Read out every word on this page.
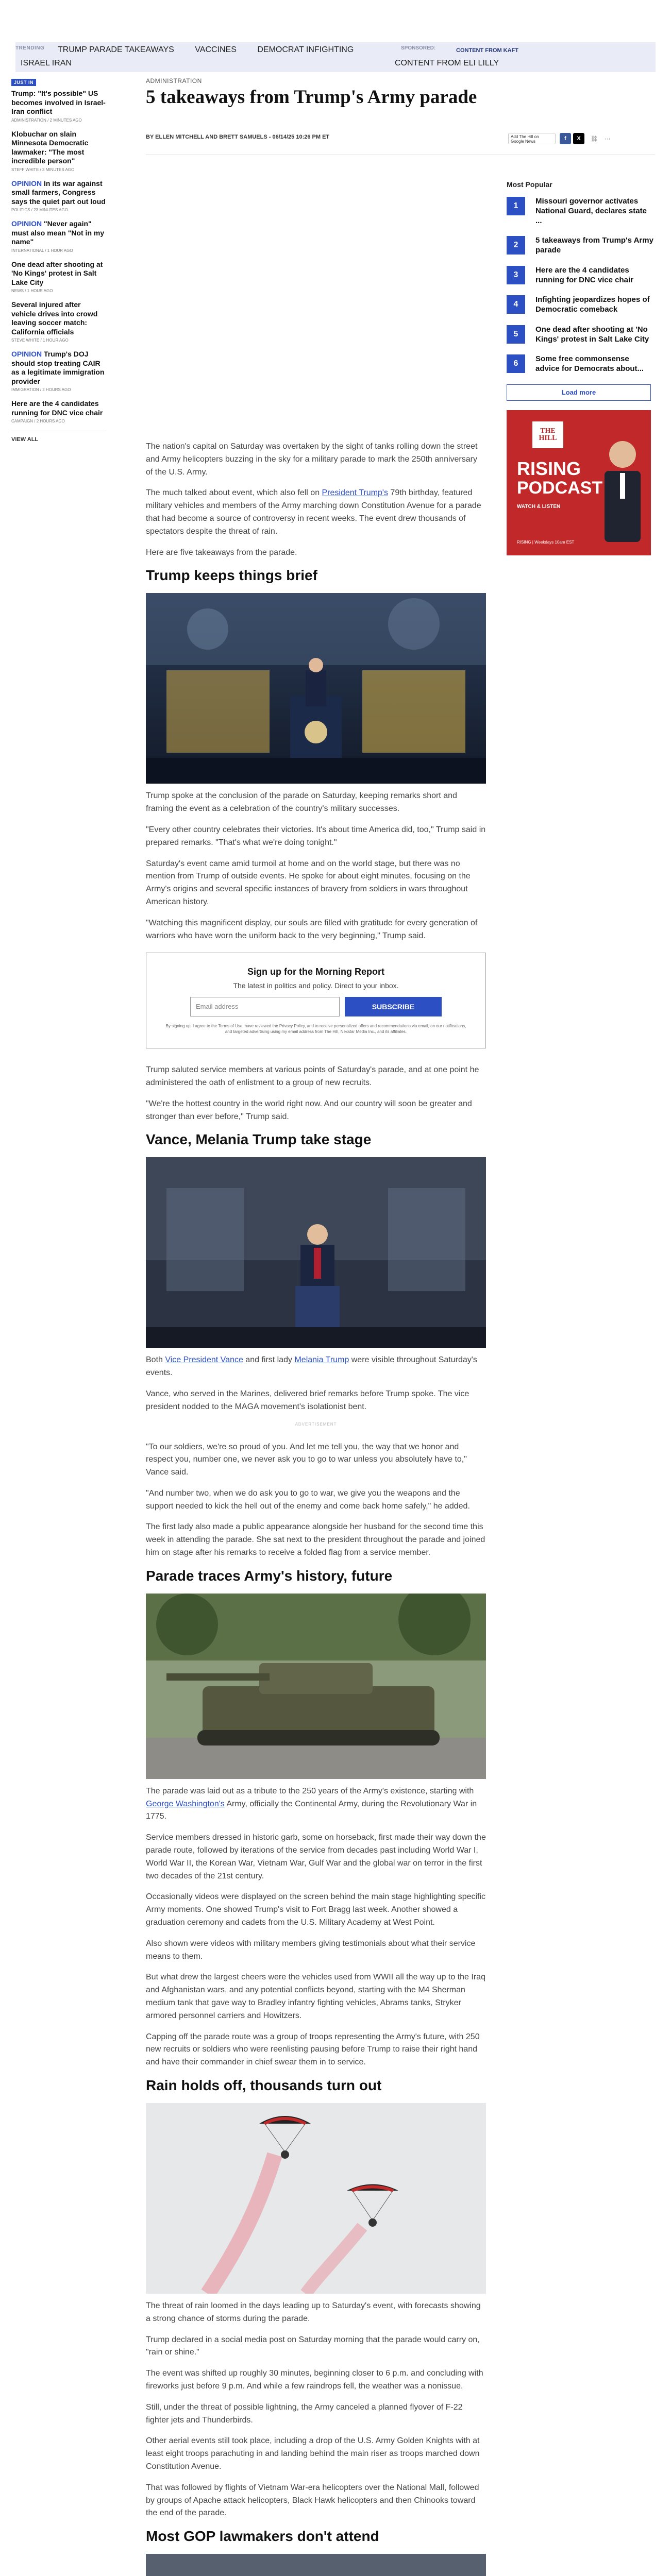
TRENDING TRUMP PARADE TAKEAWAYS	VACCINES	DEMOCRAT INFIGHTING
ISRAEL IRAN
SPONSORED:	CONTENT FROM KAFT
CONTENT FROM ELI LILLY
JUST IN
Trump: "It's possible" US becomes involved in Israel-Iran conflict
ADMINISTRATION / 2 MINUTES AGO
Klobuchar on slain Minnesota Democratic lawmaker: "The most incredible person"
STEFF WHITE / 3 MINUTES AGO
OPINION In its war against small farmers, Congress says the quiet part out loud
POLITICS / 23 MINUTES AGO
OPINION "Never again" must also mean "Not in my name"
INTERNATIONAL / 1 HOUR AGO
One dead after shooting at 'No Kings' protest in Salt Lake City
NEWS / 1 HOUR AGO
Several injured after vehicle drives into crowd leaving soccer match: California officials
STEVE WHITE / 1 HOUR AGO
OPINION Trump's DOJ should stop treating CAIR as a legitimate immigration provider
IMMIGRATION / 2 HOURS AGO
Here are the 4 candidates running for DNC vice chair
CAMPAIGN / 2 HOURS AGO
VIEW ALL
ADMINISTRATION
5 takeaways from Trump's Army parade
BY ELLEN MITCHELL AND BRETT SAMUELS - 06/14/25 10:26 PM ET	Add The Hill on Google News	f	X	⛓	⋯

The nation's capital on Saturday was overtaken by the sight of tanks rolling down the street and Army helicopters buzzing in the sky for a military parade to mark the 250th anniversary of the U.S. Army.

The much talked about event, which also fell on President Trump's 79th birthday, featured military vehicles and members of the Army marching down Constitution Avenue for a parade that had become a source of controversy in recent weeks. The event drew thousands of spectators despite the threat of rain.

Here are five takeaways from the parade.

Trump keeps things brief

Trump spoke at the conclusion of the parade on Saturday, keeping remarks short and framing the event as a celebration of the country's military successes.

"Every other country celebrates their victories. It's about time America did, too," Trump said in prepared remarks. "That's what we're doing tonight."

Saturday's event came amid turmoil at home and on the world stage, but there was no mention from Trump of outside events. He spoke for about eight minutes, focusing on the Army's origins and several specific instances of bravery from soldiers in wars throughout American history.

"Watching this magnificent display, our souls are filled with gratitude for every generation of warriors who have worn the uniform back to the very beginning," Trump said.

Sign up for the Morning Report
The latest in politics and policy. Direct to your inbox.
Email address	SUBSCRIBE
By signing up, I agree to the Terms of Use, have reviewed the Privacy Policy, and to receive personalized offers and recommendations via email, on our notifications, and targeted advertising using my email address from The Hill, Nexstar Media Inc., and its affiliates.

Trump saluted service members at various points of Saturday's parade, and at one point he administered the oath of enlistment to a group of new recruits.

"We're the hottest country in the world right now. And our country will soon be greater and stronger than ever before," Trump said.

Vance, Melania Trump take stage

Both Vice President Vance and first lady Melania Trump were visible throughout Saturday's events.

Vance, who served in the Marines, delivered brief remarks before Trump spoke. The vice president nodded to the MAGA movement's isolationist bent.

ADVERTISEMENT

"To our soldiers, we're so proud of you. And let me tell you, the way that we honor and respect you, number one, we never ask you to go to war unless you absolutely have to," Vance said.

"And number two, when we do ask you to go to war, we give you the weapons and the support needed to kick the hell out of the enemy and come back home safely," he added.

The first lady also made a public appearance alongside her husband for the second time this week in attending the parade. She sat next to the president throughout the parade and joined him on stage after his remarks to receive a folded flag from a service member.

Parade traces Army's history, future

The parade was laid out as a tribute to the 250 years of the Army's existence, starting with George Washington's Army, officially the Continental Army, during the Revolutionary War in 1775.

Service members dressed in historic garb, some on horseback, first made their way down the parade route, followed by iterations of the service from decades past including World War I, World War II, the Korean War, Vietnam War, Gulf War and the global war on terror in the first two decades of the 21st century.

Occasionally videos were displayed on the screen behind the main stage highlighting specific Army moments. One showed Trump's visit to Fort Bragg last week. Another showed a graduation ceremony and cadets from the U.S. Military Academy at West Point.

Also shown were videos with military members giving testimonials about what their service means to them.

But what drew the largest cheers were the vehicles used from WWII all the way up to the Iraq and Afghanistan wars, and any potential conflicts beyond, starting with the M4 Sherman medium tank that gave way to Bradley infantry fighting vehicles, Abrams tanks, Stryker armored personnel carriers and Howitzers.

Capping off the parade route was a group of troops representing the Army's future, with 250 new recruits or soldiers who were reenlisting pausing before Trump to raise their right hand and have their commander in chief swear them in to service.

Rain holds off, thousands turn out

The threat of rain loomed in the days leading up to Saturday's event, with forecasts showing a strong chance of storms during the parade.

Trump declared in a social media post on Saturday morning that the parade would carry on, "rain or shine."

The event was shifted up roughly 30 minutes, beginning closer to 6 p.m. and concluding with fireworks just before 9 p.m. And while a few raindrops fell, the weather was a nonissue.

Still, under the threat of possible lightning, the Army canceled a planned flyover of F-22 fighter jets and Thunderbirds.

Other aerial events still took place, including a drop of the U.S. Army Golden Knights with at least eight troops parachuting in and landing behind the main riser as troops marched down Constitution Avenue.

That was followed by flights of Vietnam War-era helicopters over the National Mall, followed by groups of Apache attack helicopters, Black Hawk helicopters and then Chinooks toward the end of the parade.

Most GOP lawmakers don't attend
Most Popular
1
Missouri governor activates National Guard, declares state ...
2
5 takeaways from Trump's Army parade
3
Here are the 4 candidates running for DNC vice chair
4
Infighting jeopardizes hopes of Democratic comeback
5
One dead after shooting at 'No Kings' protest in Salt Lake City
6
Some free commonsense advice for Democrats about...
Load more
THE HILL
RISING
PODCAST
WATCH & LISTEN
RISING | Weekdays 10am EST
